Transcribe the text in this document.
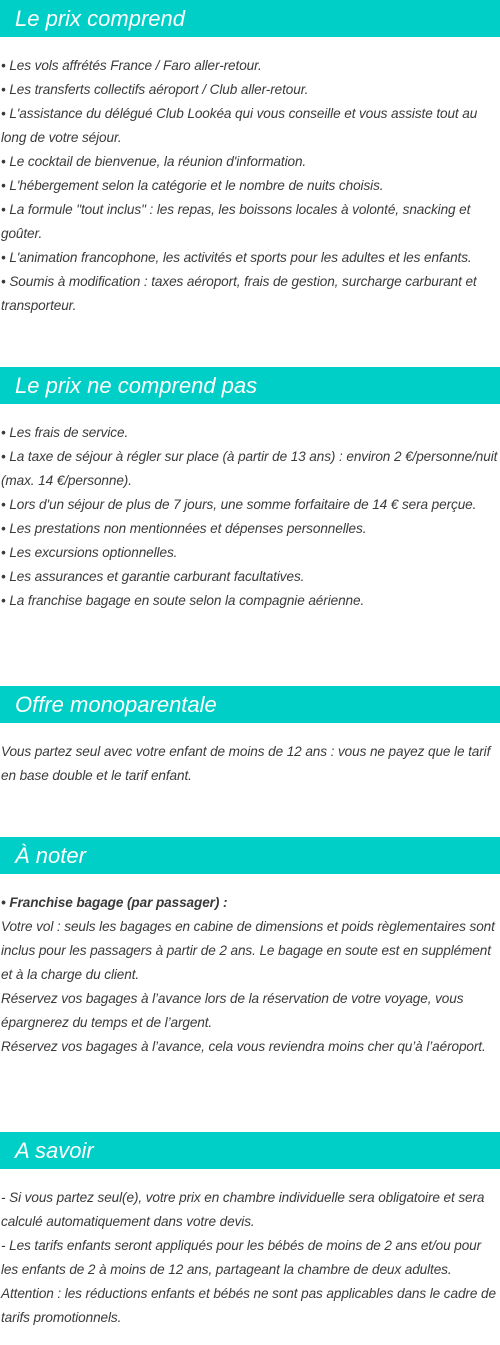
Le prix comprend

• Les vols affrétés France / Faro aller-retour.

• Les transferts collectifs aéroport / Club aller-retour.

• L'assistance du délégué Club Lookéa qui vous conseille et vous assiste tout au long de votre séjour.

• Le cocktail de bienvenue, la réunion d'information.

• L'hébergement selon la catégorie et le nombre de nuits choisis.

• La formule "tout inclus" : les repas, les boissons locales à volonté, snacking et goûter.

• L'animation francophone, les activités et sports pour les adultes et les enfants.

• Soumis à modification : taxes aéroport, frais de gestion, surcharge carburant et transporteur.

Le prix ne comprend pas

• Les frais de service.

• La taxe de séjour à régler sur place (à partir de 13 ans) : environ 2 €/personne/nuit (max. 14 €/personne).

• Lors d'un séjour de plus de 7 jours, une somme forfaitaire de 14 € sera perçue.

• Les prestations non mentionnées et dépenses personnelles.

• Les excursions optionnelles.

• Les assurances et garantie carburant facultatives.

• La franchise bagage en soute selon la compagnie aérienne.

Offre monoparentale

Vous partez seul avec votre enfant de moins de 12 ans : vous ne payez que le tarif en base double et le tarif enfant.

À noter

• Franchise bagage (par passager) :

Votre vol : seuls les bagages en cabine de dimensions et poids règlementaires sont inclus pour les passagers à partir de 2 ans. Le bagage en soute est en supplément et à la charge du client.

Réservez vos bagages à l’avance lors de la réservation de votre voyage, vous épargnerez du temps et de l’argent.

Réservez vos bagages à l’avance, cela vous reviendra moins cher qu’à l’aéroport.

A savoir

- Si vous partez seul(e), votre prix en chambre individuelle sera obligatoire et sera calculé automatiquement dans votre devis.

- Les tarifs enfants seront appliqués pour les bébés de moins de 2 ans et/ou pour les enfants de 2 à moins de 12 ans, partageant la chambre de deux adultes.

Attention : les réductions enfants et bébés ne sont pas applicables dans le cadre de tarifs promotionnels.
